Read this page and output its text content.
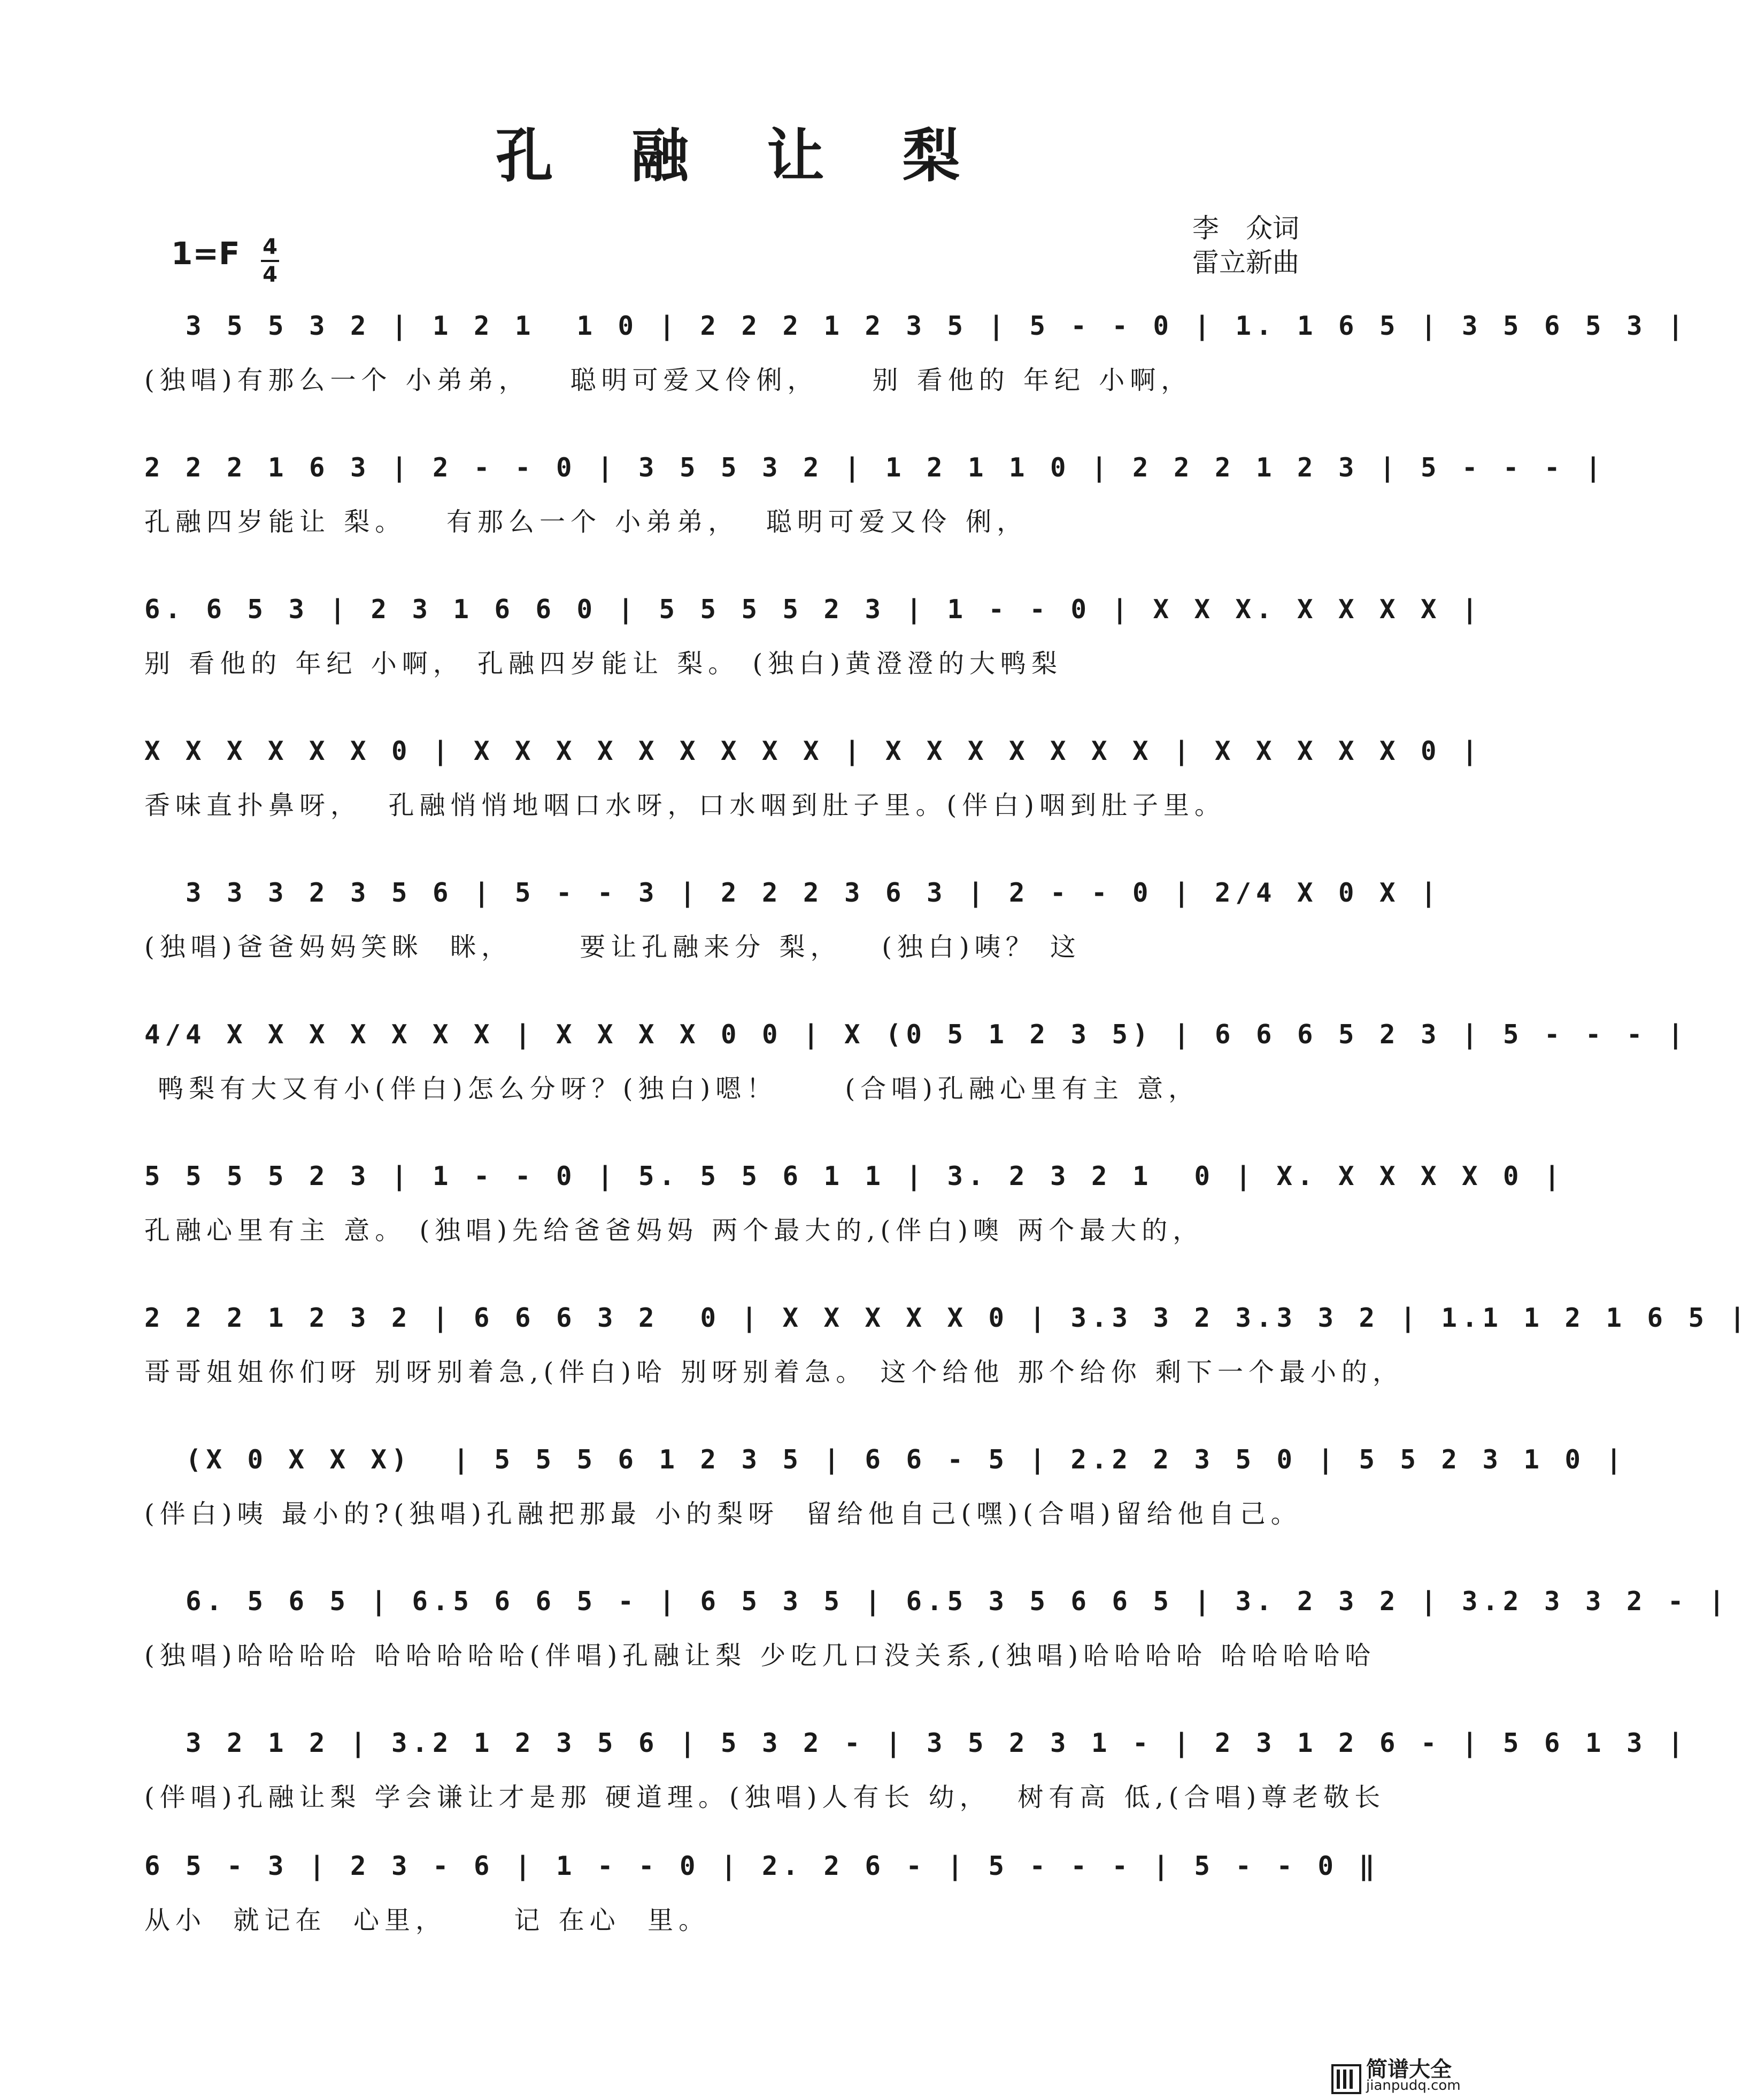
孔 融 让 梨
1=F 4
4
李　众词
雷立新曲
3 5 5 3 2 | 1 2 1  1 0 | 2 2 2 1 2 3 5 | 5 - - 0 | 1. 1 6 5 | 3 5 6 5 3 |
(独唱)有那么一个 小弟弟，   聪明可爱又伶俐，    别 看他的 年纪 小啊，
2 2 2 1 6 3 | 2 - - 0 | 3 5 5 3 2 | 1 2 1 1 0 | 2 2 2 1 2 3 | 5 - - - |
孔融四岁能让 梨。   有那么一个 小弟弟，  聪明可爱又伶 俐，
6. 6 5 3 | 2 3 1 6 6 0 | 5 5 5 5 2 3 | 1 - - 0 | X X X. X X X X |
别 看他的 年纪 小啊， 孔融四岁能让 梨。 (独白)黄澄澄的大鸭梨
X X X X X X 0 | X X X X X X X X X | X X X X X X X | X X X X X 0 |
香味直扑鼻呀，  孔融悄悄地咽口水呀，口水咽到肚子里。(伴白)咽到肚子里。
3 3 3 2 3 5 6 | 5 - - 3 | 2 2 2 3 6 3 | 2 - - 0 | 2/4 X 0 X |
(独唱)爸爸妈妈笑眯  眯，     要让孔融来分 梨，   (独白)咦？ 这
4/4 X X X X X X X | X X X X 0 0 | X (0 5 1 2 3 5) | 6 6 6 5 2 3 | 5 - - - |
鸭梨有大又有小(伴白)怎么分呀？(独白)嗯！     (合唱)孔融心里有主 意，
5 5 5 5 2 3 | 1 - - 0 | 5. 5 5 6 1 1 | 3. 2 3 2 1  0 | X. X X X X 0 |
孔融心里有主 意。 (独唱)先给爸爸妈妈 两个最大的,(伴白)噢 两个最大的，
2 2 2 1 2 3 2 | 6 6 6 3 2  0 | X X X X X 0 | 3.3 3 2 3.3 3 2 | 1.1 1 2 1 6 5 |
哥哥姐姐你们呀 别呀别着急,(伴白)哈 别呀别着急。 这个给他 那个给你 剩下一个最小的，
(X 0 X X X)  | 5 5 5 6 1 2 3 5 | 6 6 - 5 | 2.2 2 3 5 0 | 5 5 2 3 1 0 |
(伴白)咦 最小的?(独唱)孔融把那最 小的梨呀  留给他自己(嘿)(合唱)留给他自己。
6. 5 6 5 | 6.5 6 6 5 - | 6 5 3 5 | 6.5 3 5 6 6 5 | 3. 2 3 2 | 3.2 3 3 2 - |
(独唱)哈哈哈哈 哈哈哈哈哈(伴唱)孔融让梨 少吃几口没关系,(独唱)哈哈哈哈 哈哈哈哈哈
3 2 1 2 | 3.2 1 2 3 5 6 | 5 3 2 - | 3 5 2 3 1 - | 2 3 1 2 6 - | 5 6 1 3 |
(伴唱)孔融让梨 学会谦让才是那 硬道理。(独唱)人有长 幼，  树有高 低,(合唱)尊老敬长
6 5 - 3 | 2 3 - 6 | 1 - - 0 | 2. 2 6 - | 5 - - - | 5 - - 0 ‖
从小  就记在  心里，     记 在心  里。
简谱大全
jianpudq.com
